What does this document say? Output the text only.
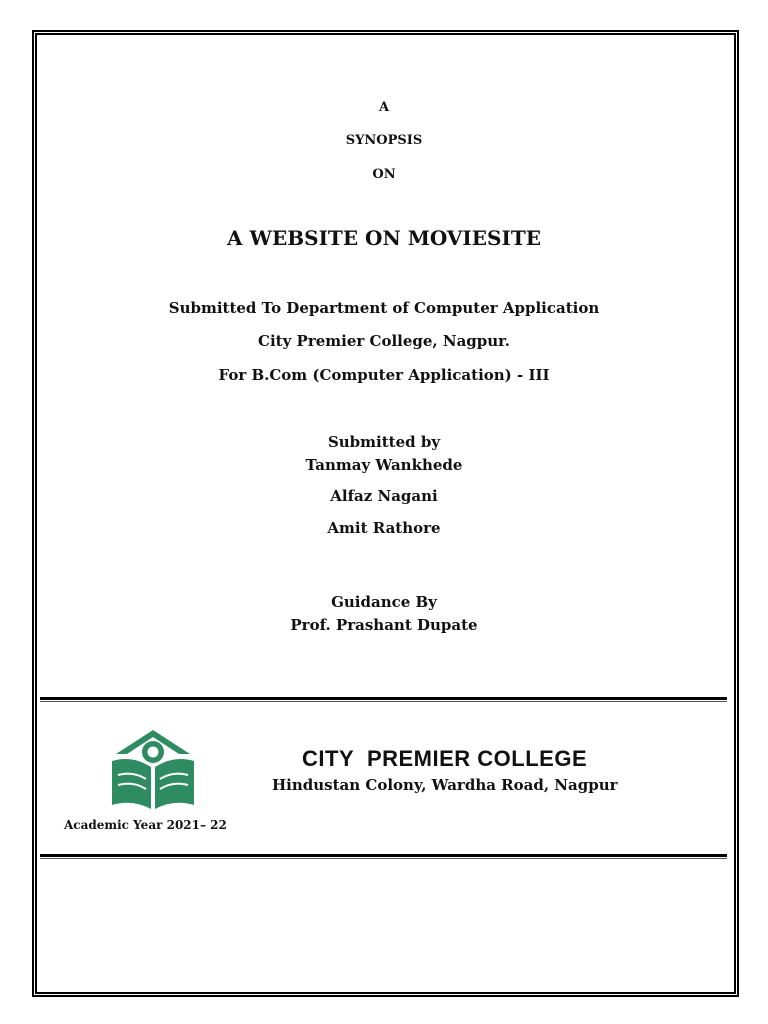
A
SYNOPSIS
ON
A WEBSITE ON MOVIESITE
Submitted To Department of Computer Application
City Premier College, Nagpur.
For B.Com (Computer Application) - III
Submitted by
Tanmay Wankhede
Alfaz Nagani
Amit Rathore
Guidance By
Prof. Prashant Dupate
CITY  PREMIER COLLEGE
Hindustan Colony, Wardha Road, Nagpur
Academic Year 2021– 22
